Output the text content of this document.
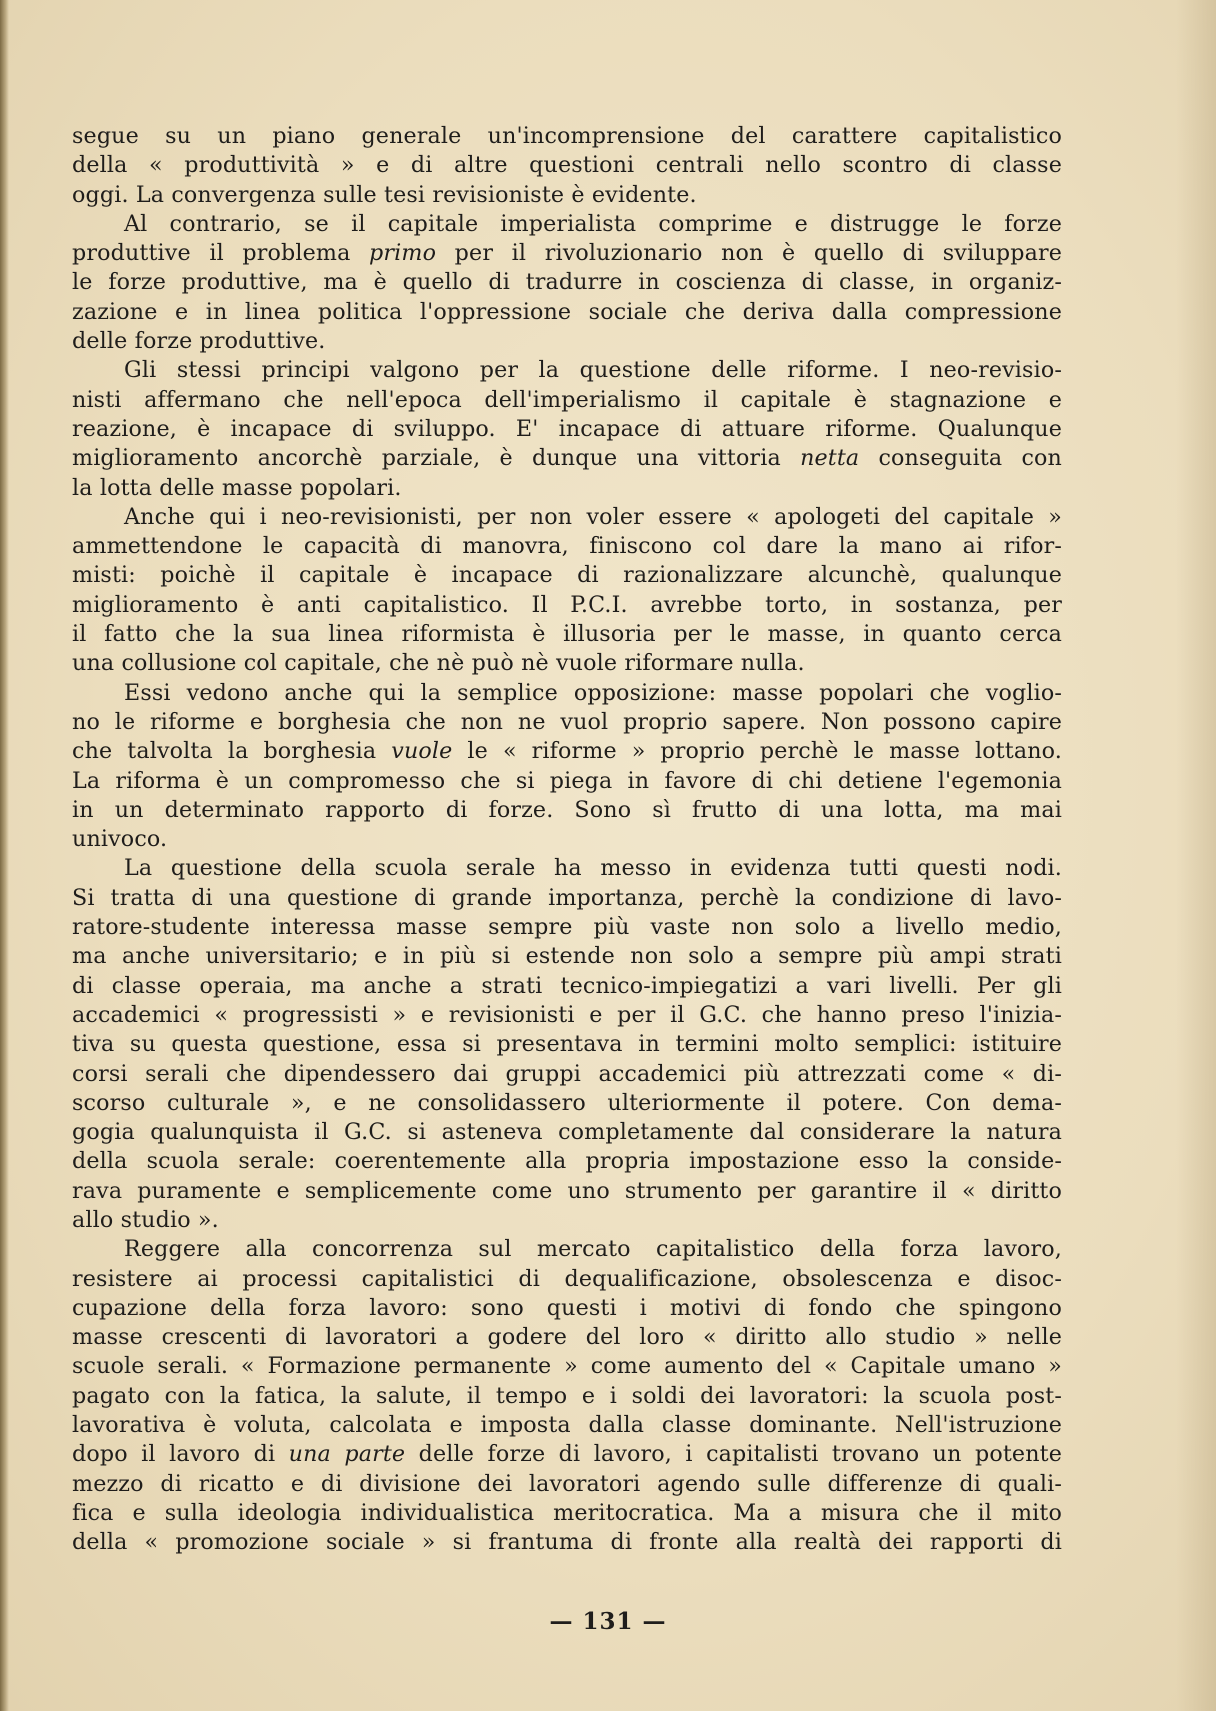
segue su un piano generale un'incomprensione del carattere capitalistico
della « produttività » e di altre questioni centrali nello scontro di classe
oggi. La convergenza sulle tesi revisioniste è evidente.
Al contrario, se il capitale imperialista comprime e distrugge le forze
produttive il problema primo per il rivoluzionario non è quello di sviluppare
le forze produttive, ma è quello di tradurre in coscienza di classe, in organiz-
zazione e in linea politica l'oppressione sociale che deriva dalla compressione
delle forze produttive.
Gli stessi principi valgono per la questione delle riforme. I neo-revisio-
nisti affermano che nell'epoca dell'imperialismo il capitale è stagnazione e
reazione, è incapace di sviluppo. E' incapace di attuare riforme. Qualunque
miglioramento ancorchè parziale, è dunque una vittoria netta conseguita con
la lotta delle masse popolari.
Anche qui i neo-revisionisti, per non voler essere « apologeti del capitale »
ammettendone le capacità di manovra, finiscono col dare la mano ai rifor-
misti: poichè il capitale è incapace di razionalizzare alcunchè, qualunque
miglioramento è anti capitalistico. Il P.C.I. avrebbe torto, in sostanza, per
il fatto che la sua linea riformista è illusoria per le masse, in quanto cerca
una collusione col capitale, che nè può nè vuole riformare nulla.
Essi vedono anche qui la semplice opposizione: masse popolari che voglio-
no le riforme e borghesia che non ne vuol proprio sapere. Non possono capire
che talvolta la borghesia vuole le « riforme » proprio perchè le masse lottano.
La riforma è un compromesso che si piega in favore di chi detiene l'egemonia
in un determinato rapporto di forze. Sono sì frutto di una lotta, ma mai
univoco.
La questione della scuola serale ha messo in evidenza tutti questi nodi.
Si tratta di una questione di grande importanza, perchè la condizione di lavo-
ratore-studente interessa masse sempre più vaste non solo a livello medio,
ma anche universitario; e in più si estende non solo a sempre più ampi strati
di classe operaia, ma anche a strati tecnico-impiegatizi a vari livelli. Per gli
accademici « progressisti » e revisionisti e per il G.C. che hanno preso l'inizia-
tiva su questa questione, essa si presentava in termini molto semplici: istituire
corsi serali che dipendessero dai gruppi accademici più attrezzati come « di-
scorso culturale », e ne consolidassero ulteriormente il potere. Con dema-
gogia qualunquista il G.C. si asteneva completamente dal considerare la natura
della scuola serale: coerentemente alla propria impostazione esso la conside-
rava puramente e semplicemente come uno strumento per garantire il « diritto
allo studio ».
Reggere alla concorrenza sul mercato capitalistico della forza lavoro,
resistere ai processi capitalistici di dequalificazione, obsolescenza e disoc-
cupazione della forza lavoro: sono questi i motivi di fondo che spingono
masse crescenti di lavoratori a godere del loro « diritto allo studio » nelle
scuole serali. « Formazione permanente » come aumento del « Capitale umano »
pagato con la fatica, la salute, il tempo e i soldi dei lavoratori: la scuola post-
lavorativa è voluta, calcolata e imposta dalla classe dominante. Nell'istruzione
dopo il lavoro di una parte delle forze di lavoro, i capitalisti trovano un potente
mezzo di ricatto e di divisione dei lavoratori agendo sulle differenze di quali-
fica e sulla ideologia individualistica meritocratica. Ma a misura che il mito
della « promozione sociale » si frantuma di fronte alla realtà dei rapporti di
— 131 —
